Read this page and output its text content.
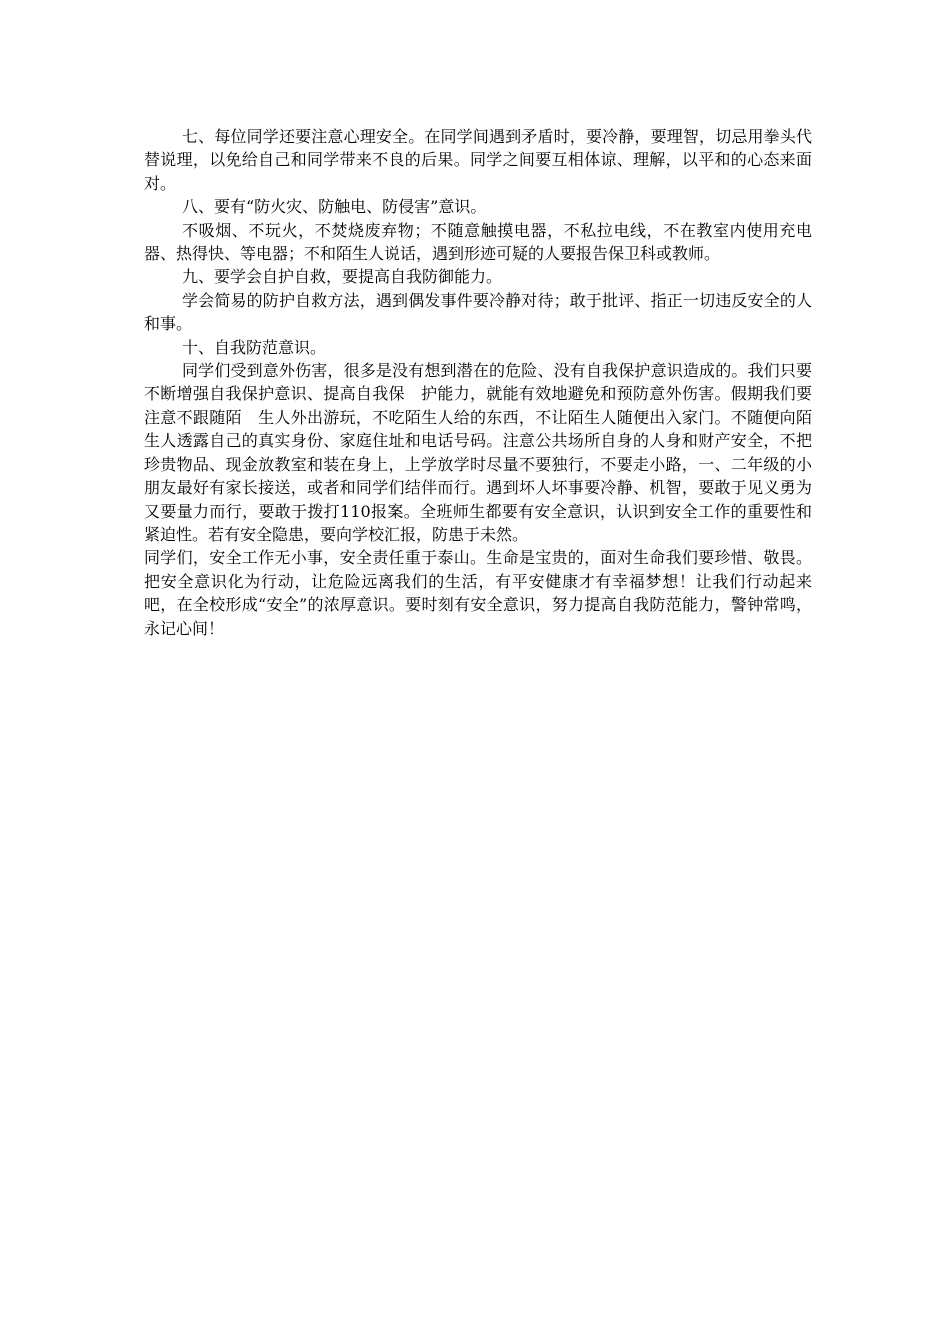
七、每位同学还要注意心理安全。在同学间遇到矛盾时，要冷静，要理智，切忌用拳头代替说理，以免给自己和同学带来不良的后果。同学之间要互相体谅、理解，以平和的心态来面对。

八、要有“防火灾、防触电、防侵害”意识。

不吸烟、不玩火，不焚烧废弃物；不随意触摸电器，不私拉电线，不在教室内使用充电器、热得快、等电器；不和陌生人说话，遇到形迹可疑的人要报告保卫科或教师。

九、要学会自护自救，要提高自我防御能力。

学会简易的防护自救方法，遇到偶发事件要冷静对待；敢于批评、指正一切违反安全的人和事。

十、自我防范意识。

同学们受到意外伤害，很多是没有想到潜在的危险、没有自我保护意识造成的。我们只要不断增强自我保护意识、提高自我保　护能力，就能有效地避免和预防意外伤害。假期我们要注意不跟随陌　生人外出游玩，不吃陌生人给的东西，不让陌生人随便出入家门。不随便向陌生人透露自己的真实身份、家庭住址和电话号码。注意公共场所自身的人身和财产安全，不把珍贵物品、现金放教室和装在身上，上学放学时尽量不要独行，不要走小路，一、二年级的小朋友最好有家长接送，或者和同学们结伴而行。遇到坏人坏事要冷静、机智，要敢于见义勇为又要量力而行，要敢于拨打110报案。全班师生都要有安全意识，认识到安全工作的重要性和紧迫性。若有安全隐患，要向学校汇报，防患于未然。

同学们，安全工作无小事，安全责任重于泰山。生命是宝贵的，面对生命我们要珍惜、敬畏。把安全意识化为行动，让危险远离我们的生活，有平安健康才有幸福梦想！让我们行动起来吧，在全校形成“安全”的浓厚意识。要时刻有安全意识，努力提高自我防范能力，警钟常鸣，永记心间！
